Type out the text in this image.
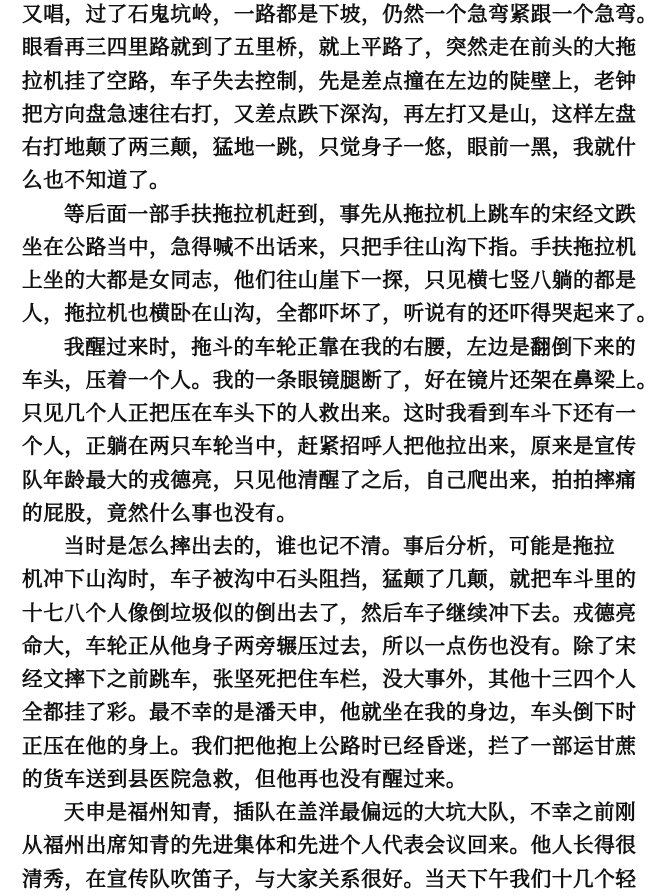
又唱，过了石鬼坑岭，一路都是下坡，仍然一个急弯紧跟一个急弯。
眼看再三四里路就到了五里桥，就上平路了，突然走在前头的大拖
拉机挂了空路，车子失去控制，先是差点撞在左边的陡壁上，老钟
把方向盘急速往右打，又差点跌下深沟，再左打又是山，这样左盘
右打地颠了两三颠，猛地一跳，只觉身子一悠，眼前一黑，我就什
么也不知道了。
等后面一部手扶拖拉机赶到，事先从拖拉机上跳车的宋经文跌
坐在公路当中，急得喊不出话来，只把手往山沟下指。手扶拖拉机
上坐的大都是女同志，他们往山崖下一探，只见横七竖八躺的都是
人，拖拉机也横卧在山沟，全都吓坏了，听说有的还吓得哭起来了。
我醒过来时，拖斗的车轮正靠在我的右腰，左边是翻倒下来的
车头，压着一个人。我的一条眼镜腿断了，好在镜片还架在鼻梁上。
只见几个人正把压在车头下的人救出来。这时我看到车斗下还有一
个人，正躺在两只车轮当中，赶紧招呼人把他拉出来，原来是宣传
队年龄最大的戎德亮，只见他清醒了之后，自己爬出来，拍拍摔痛
的屁股，竟然什么事也没有。
当时是怎么摔出去的，谁也记不清。事后分析，可能是拖拉
机冲下山沟时，车子被沟中石头阻挡，猛颠了几颠，就把车斗里的
十七八个人像倒垃圾似的倒出去了，然后车子继续冲下去。戎德亮
命大，车轮正从他身子两旁辗压过去，所以一点伤也没有。除了宋
经文摔下之前跳车，张坚死把住车栏，没大事外，其他十三四个人
全都挂了彩。最不幸的是潘天申，他就坐在我的身边，车头倒下时
正压在他的身上。我们把他抱上公路时已经昏迷，拦了一部运甘蔗
的货车送到县医院急救，但他再也没有醒过来。
天申是福州知青，插队在盖洋最偏远的大坑大队，不幸之前刚
从福州出席知青的先进集体和先进个人代表会议回来。他人长得很
清秀，在宣传队吹笛子，与大家关系很好。当天下午我们十几个轻
